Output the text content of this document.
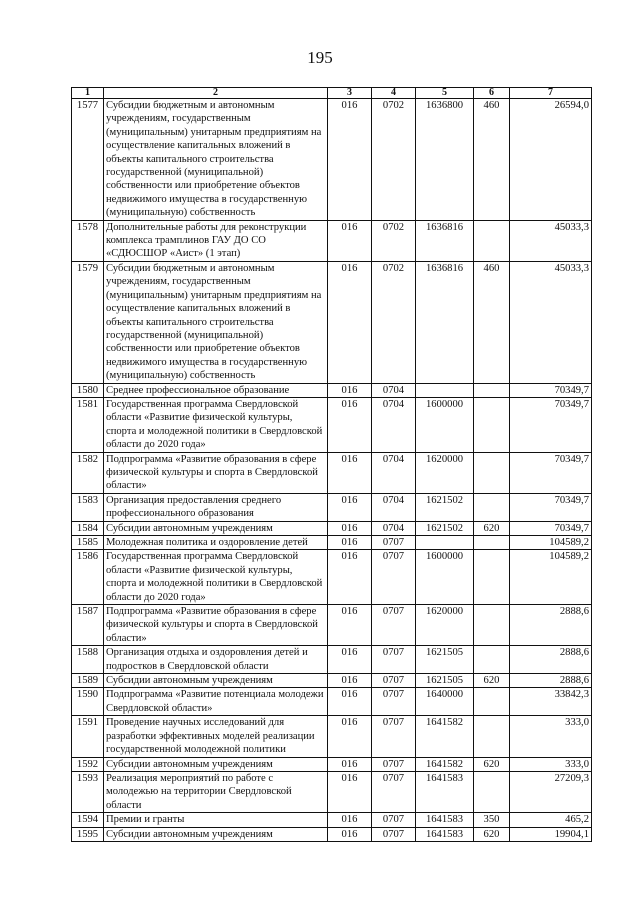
195
1	2	3	4	5	6	7
1577	Субсидии бюджетным и автономным учреждениям, государственным (муниципальным) унитарным предприятиям на осуществление капитальных вложений в объекты капитального строительства государственной (муниципальной) собственности или приобретение объектов недвижимого имущества в государственную (муниципальную) собственность	016	0702	1636800	460	26594,0
1578	Дополнительные работы для реконструкции комплекса трамплинов ГАУ ДО СО «СДЮСШОР «Аист» (1 этап)	016	0702	1636816		45033,3
1579	Субсидии бюджетным и автономным учреждениям, государственным (муниципальным) унитарным предприятиям на осуществление капитальных вложений в объекты капитального строительства государственной (муниципальной) собственности или приобретение объектов недвижимого имущества в государственную (муниципальную) собственность	016	0702	1636816	460	45033,3
1580	Среднее профессиональное образование	016	0704			70349,7
1581	Государственная программа Свердловской области «Развитие физической культуры, спорта и молодежной политики в Свердловской области до 2020 года»	016	0704	1600000		70349,7
1582	Подпрограмма «Развитие образования в сфере физической культуры и спорта в Свердловской области»	016	0704	1620000		70349,7
1583	Организация предоставления среднего профессионального образования	016	0704	1621502		70349,7
1584	Субсидии автономным учреждениям	016	0704	1621502	620	70349,7
1585	Молодежная политика и оздоровление детей	016	0707			104589,2
1586	Государственная программа Свердловской области «Развитие физической культуры, спорта и молодежной политики в Свердловской области до 2020 года»	016	0707	1600000		104589,2
1587	Подпрограмма «Развитие образования в сфере физической культуры и спорта в Свердловской области»	016	0707	1620000		2888,6
1588	Организация отдыха и оздоровления детей и подростков в Свердловской области	016	0707	1621505		2888,6
1589	Субсидии автономным учреждениям	016	0707	1621505	620	2888,6
1590	Подпрограмма «Развитие потенциала молодежи Свердловской области»	016	0707	1640000		33842,3
1591	Проведение научных исследований для разработки эффективных моделей реализации государственной молодежной политики	016	0707	1641582		333,0
1592	Субсидии автономным учреждениям	016	0707	1641582	620	333,0
1593	Реализация мероприятий по работе с молодежью на территории Свердловской области	016	0707	1641583		27209,3
1594	Премии и гранты	016	0707	1641583	350	465,2
1595	Субсидии автономным учреждениям	016	0707	1641583	620	19904,1
